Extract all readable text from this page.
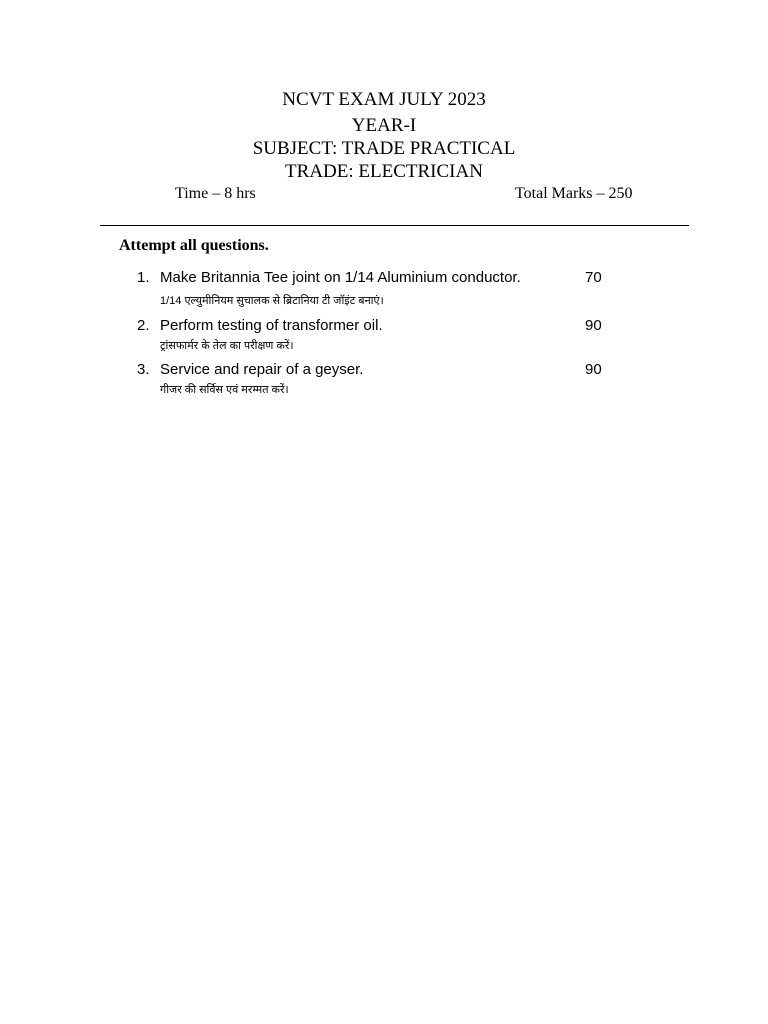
NCVT EXAM JULY 2023
YEAR-I
SUBJECT: TRADE PRACTICAL
TRADE: ELECTRICIAN
Time – 8 hrs	Total Marks – 250
Attempt all questions.
1. Make Britannia Tee joint on 1/14 Aluminium conductor.
1/14 एल्युमीनियम सुचालक से ब्रिटानिया टी जॉइंट बनाएं।
70
2. Perform testing of transformer oil.
ट्रांसफार्मर के तेल का परीक्षण करें।
90
3. Service and repair of a geyser.
गीजर की सर्विस एवं मरम्मत करें।
90
